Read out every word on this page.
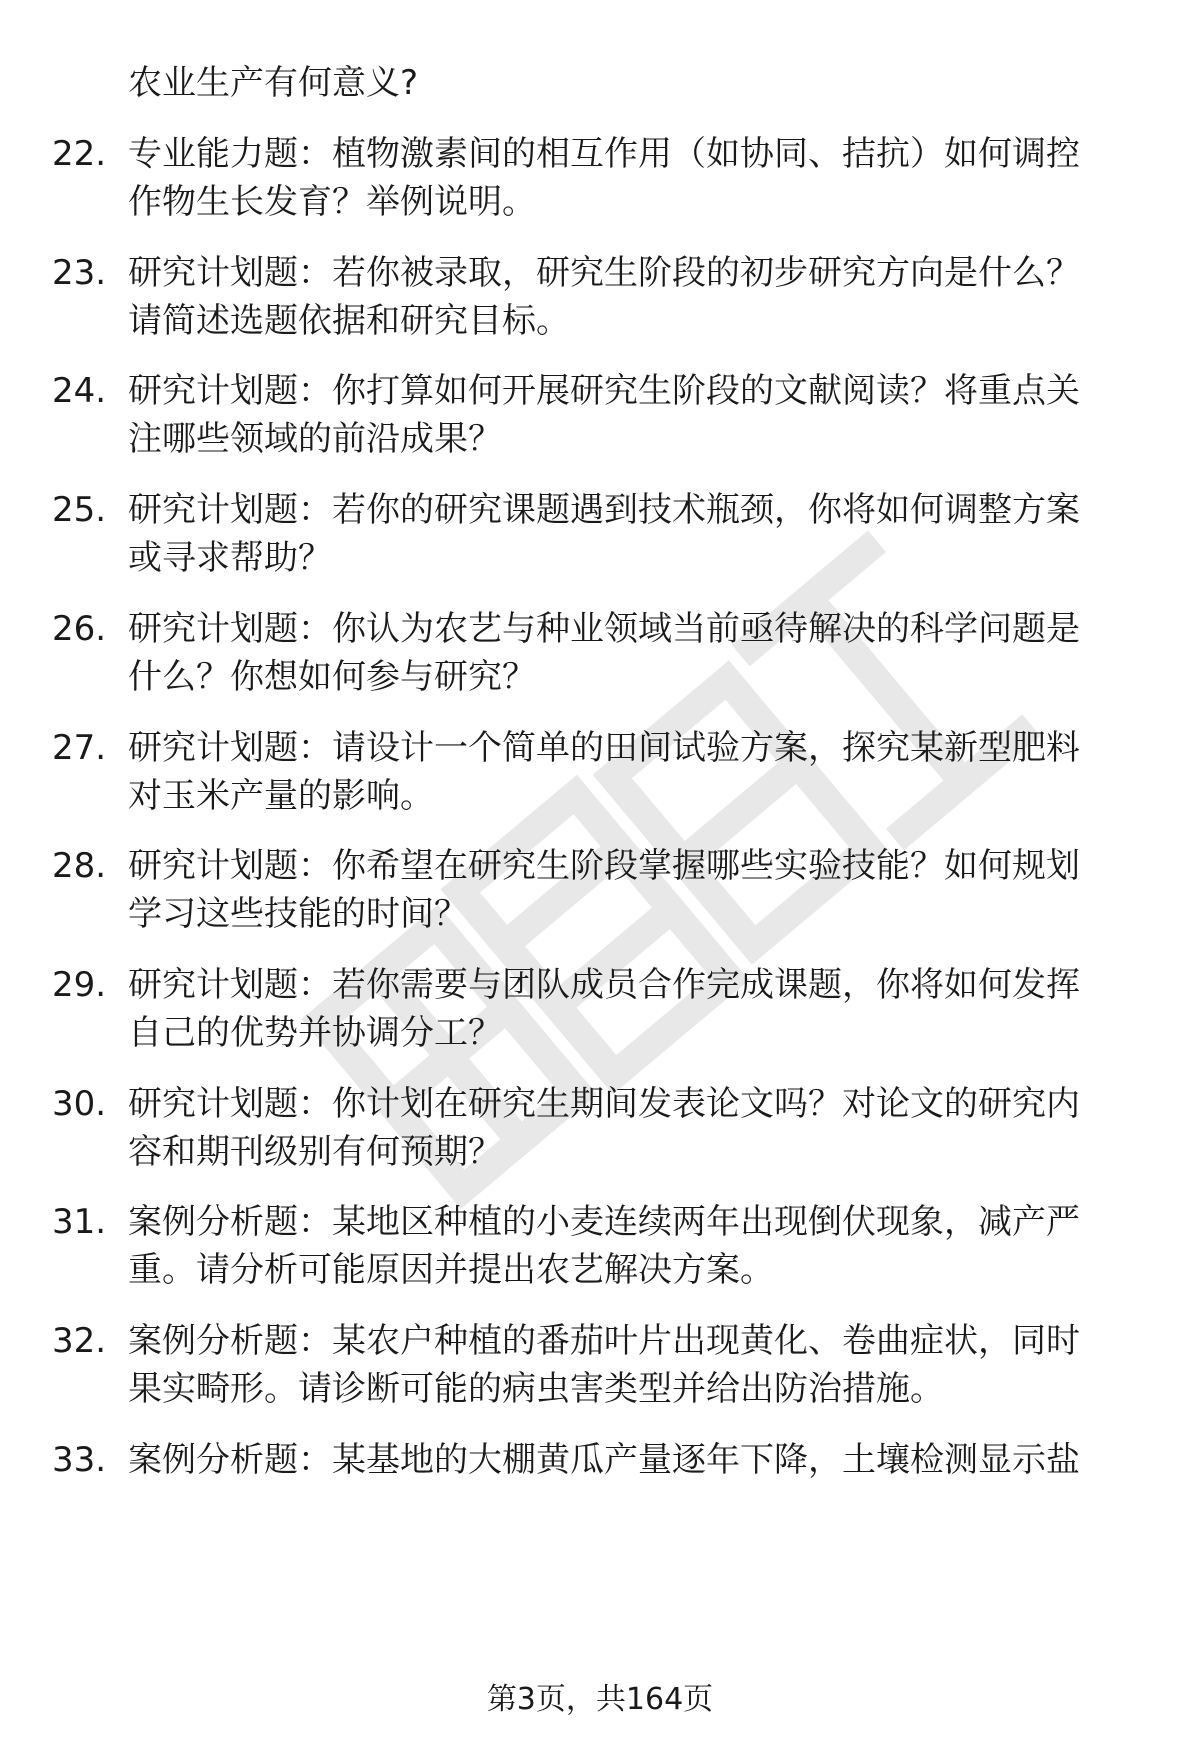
农业生产有何意义?
22. 专业能力题：植物激素间的相互作用（如协同、拮抗）如何调控
作物生长发育？举例说明。
23. 研究计划题：若你被录取，研究生阶段的初步研究方向是什么？
请简述选题依据和研究目标。
24. 研究计划题：你打算如何开展研究生阶段的文献阅读？将重点关
注哪些领域的前沿成果？
25. 研究计划题：若你的研究课题遇到技术瓶颈，你将如何调整方案
或寻求帮助？
26. 研究计划题：你认为农艺与种业领域当前亟待解决的科学问题是
什么？你想如何参与研究？
27. 研究计划题：请设计一个简单的田间试验方案，探究某新型肥料
对玉米产量的影响。
28. 研究计划题：你希望在研究生阶段掌握哪些实验技能？如何规划
学习这些技能的时间？
29. 研究计划题：若你需要与团队成员合作完成课题，你将如何发挥
自己的优势并协调分工？
30. 研究计划题：你计划在研究生期间发表论文吗？对论文的研究内
容和期刊级别有何预期？
31. 案例分析题：某地区种植的小麦连续两年出现倒伏现象，减产严
重。请分析可能原因并提出农艺解决方案。
32. 案例分析题：某农户种植的番茄叶片出现黄化、卷曲症状，同时
果实畸形。请诊断可能的病虫害类型并给出防治措施。
33. 案例分析题：某基地的大棚黄瓜产量逐年下降，土壤检测显示盐
第3页，共164页
